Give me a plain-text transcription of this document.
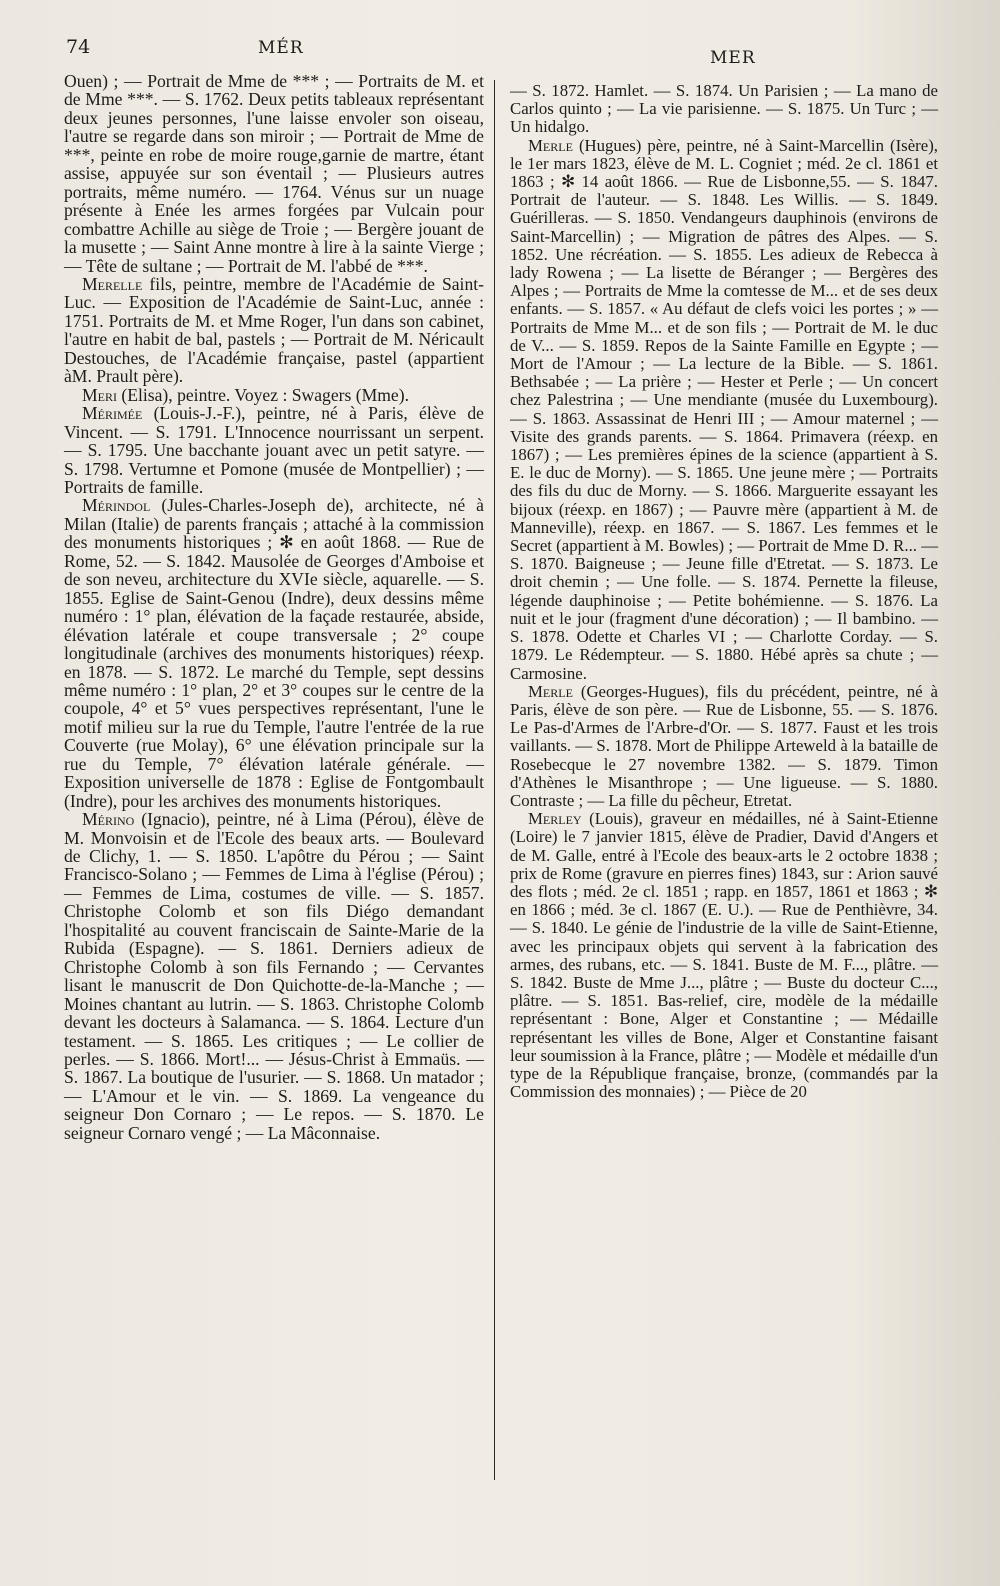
74	MÉR	MER

Ouen) ; — Portrait de Mme de *** ; — Portraits de M. et de Mme ***. — S. 1762. Deux petits tableaux représentant deux jeunes personnes, l'une laisse envoler son oiseau, l'autre se regarde dans son miroir ; — Portrait de Mme de ***, peinte en robe de moire rouge,garnie de martre, étant assise, appuyée sur son éventail ; — Plusieurs autres portraits, même numéro. — 1764. Vénus sur un nuage présente à Enée les armes forgées par Vulcain pour combattre Achille au siège de Troie ; — Bergère jouant de la musette ; — Saint Anne montre à lire à la sainte Vierge ; — Tête de sultane ; — Portrait de M. l'abbé de ***.

Merelle fils, peintre, membre de l'Académie de Saint-Luc. — Exposition de l'Académie de Saint-Luc, année : 1751. Portraits de M. et Mme Roger, l'un dans son cabinet, l'autre en habit de bal, pastels ; — Portrait de M. Néricault Destouches, de l'Académie française, pastel (appartient àM. Prault père).

Meri (Elisa), peintre. Voyez : Swagers (Mme).

Mérimée (Louis-J.-F.), peintre, né à Paris, élève de Vincent. — S. 1791. L'Innocence nourrissant un serpent. — S. 1795. Une bacchante jouant avec un petit satyre. — S. 1798. Vertumne et Pomone (musée de Montpellier) ; — Portraits de famille.

Mérindol (Jules-Charles-Joseph de), architecte, né à Milan (Italie) de parents français ; attaché à la commission des monuments historiques ; ✻ en août 1868. — Rue de Rome, 52. — S. 1842. Mausolée de Georges d'Amboise et de son neveu, architecture du XVIe siècle, aquarelle. — S. 1855. Eglise de Saint-Genou (Indre), deux dessins même numéro : 1° plan, élévation de la façade restaurée, abside, élévation latérale et coupe transversale ; 2° coupe longitudinale (archives des monuments historiques) réexp. en 1878. — S. 1872. Le marché du Temple, sept dessins même numéro : 1° plan, 2° et 3° coupes sur le centre de la coupole, 4° et 5° vues perspectives représentant, l'une le motif milieu sur la rue du Temple, l'autre l'entrée de la rue Couverte (rue Molay), 6° une élévation principale sur la rue du Temple, 7° élévation latérale générale. — Exposition universelle de 1878 : Eglise de Fontgombault (Indre), pour les archives des monuments historiques.

Mérino (Ignacio), peintre, né à Lima (Pérou), élève de M. Monvoisin et de l'Ecole des beaux arts. — Boulevard de Clichy, 1. — S. 1850. L'apôtre du Pérou ; — Saint Francisco-Solano ; — Femmes de Lima à l'église (Pérou) ; — Femmes de Lima, costumes de ville. — S. 1857. Christophe Colomb et son fils Diégo demandant l'hospitalité au couvent franciscain de Sainte-Marie de la Rubida (Espagne). — S. 1861. Derniers adieux de Christophe Colomb à son fils Fernando ; — Cervantes lisant le manuscrit de Don Quichotte-de-la-Manche ; — Moines chantant au lutrin. — S. 1863. Christophe Colomb devant les docteurs à Salamanca. — S. 1864. Lecture d'un testament. — S. 1865. Les critiques ; — Le collier de perles. — S. 1866. Mort!... — Jésus-Christ à Emmaüs. — S. 1867. La boutique de l'usurier. — S. 1868. Un matador ; — L'Amour et le vin. — S. 1869. La vengeance du seigneur Don Cornaro ; — Le repos. — S. 1870. Le seigneur Cornaro vengé ; — La Mâconnaise.

— S. 1872. Hamlet. — S. 1874. Un Parisien ; — La mano de Carlos quinto ; — La vie parisienne. — S. 1875. Un Turc ; — Un hidalgo.

Merle (Hugues) père, peintre, né à Saint-Marcellin (Isère), le 1er mars 1823, élève de M. L. Cogniet ; méd. 2e cl. 1861 et 1863 ; ✻ 14 août 1866. — Rue de Lisbonne,55. — S. 1847. Portrait de l'auteur. — S. 1848. Les Willis. — S. 1849. Guérilleras. — S. 1850. Vendangeurs dauphinois (environs de Saint-Marcellin) ; — Migration de pâtres des Alpes. — S. 1852. Une récréation. — S. 1855. Les adieux de Rebecca à lady Rowena ; — La lisette de Béranger ; — Bergères des Alpes ; — Portraits de Mme la comtesse de M... et de ses deux enfants. — S. 1857. « Au défaut de clefs voici les portes ; » — Portraits de Mme M... et de son fils ; — Portrait de M. le duc de V... — S. 1859. Repos de la Sainte Famille en Egypte ; — Mort de l'Amour ; — La lecture de la Bible. — S. 1861. Bethsabée ; — La prière ; — Hester et Perle ; — Un concert chez Palestrina ; — Une mendiante (musée du Luxembourg). — S. 1863. Assassinat de Henri III ; — Amour maternel ; — Visite des grands parents. — S. 1864. Primavera (réexp. en 1867) ; — Les premières épines de la science (appartient à S. E. le duc de Morny). — S. 1865. Une jeune mère ; — Portraits des fils du duc de Morny. — S. 1866. Marguerite essayant les bijoux (réexp. en 1867) ; — Pauvre mère (appartient à M. de Manneville), réexp. en 1867. — S. 1867. Les femmes et le Secret (appartient à M. Bowles) ; — Portrait de Mme D. R... — S. 1870. Baigneuse ; — Jeune fille d'Etretat. — S. 1873. Le droit chemin ; — Une folle. — S. 1874. Pernette la fileuse, légende dauphinoise ; — Petite bohémienne. — S. 1876. La nuit et le jour (fragment d'une décoration) ; — Il bambino. — S. 1878. Odette et Charles VI ; — Charlotte Corday. — S. 1879. Le Rédempteur. — S. 1880. Hébé après sa chute ; — Carmosine.

Merle (Georges-Hugues), fils du précédent, peintre, né à Paris, élève de son père. — Rue de Lisbonne, 55. — S. 1876. Le Pas-d'Armes de l'Arbre-d'Or. — S. 1877. Faust et les trois vaillants. — S. 1878. Mort de Philippe Arteweld à la bataille de Rosebecque le 27 novembre 1382. — S. 1879. Timon d'Athènes le Misanthrope ; — Une ligueuse. — S. 1880. Contraste ; — La fille du pêcheur, Etretat.

Merley (Louis), graveur en médailles, né à Saint-Etienne (Loire) le 7 janvier 1815, élève de Pradier, David d'Angers et de M. Galle, entré à l'Ecole des beaux-arts le 2 octobre 1838 ; prix de Rome (gravure en pierres fines) 1843, sur : Arion sauvé des flots ; méd. 2e cl. 1851 ; rapp. en 1857, 1861 et 1863 ; ✻ en 1866 ; méd. 3e cl. 1867 (E. U.). — Rue de Penthièvre, 34. — S. 1840. Le génie de l'industrie de la ville de Saint-Etienne, avec les principaux objets qui servent à la fabrication des armes, des rubans, etc. — S. 1841. Buste de M. F..., plâtre. — S. 1842. Buste de Mme J..., plâtre ; — Buste du docteur C..., plâtre. — S. 1851. Bas-relief, cire, modèle de la médaille représentant : Bone, Alger et Constantine ; — Médaille représentant les villes de Bone, Alger et Constantine faisant leur soumission à la France, plâtre ; — Modèle et médaille d'un type de la République française, bronze, (commandés par la Commission des monnaies) ; — Pièce de 20
